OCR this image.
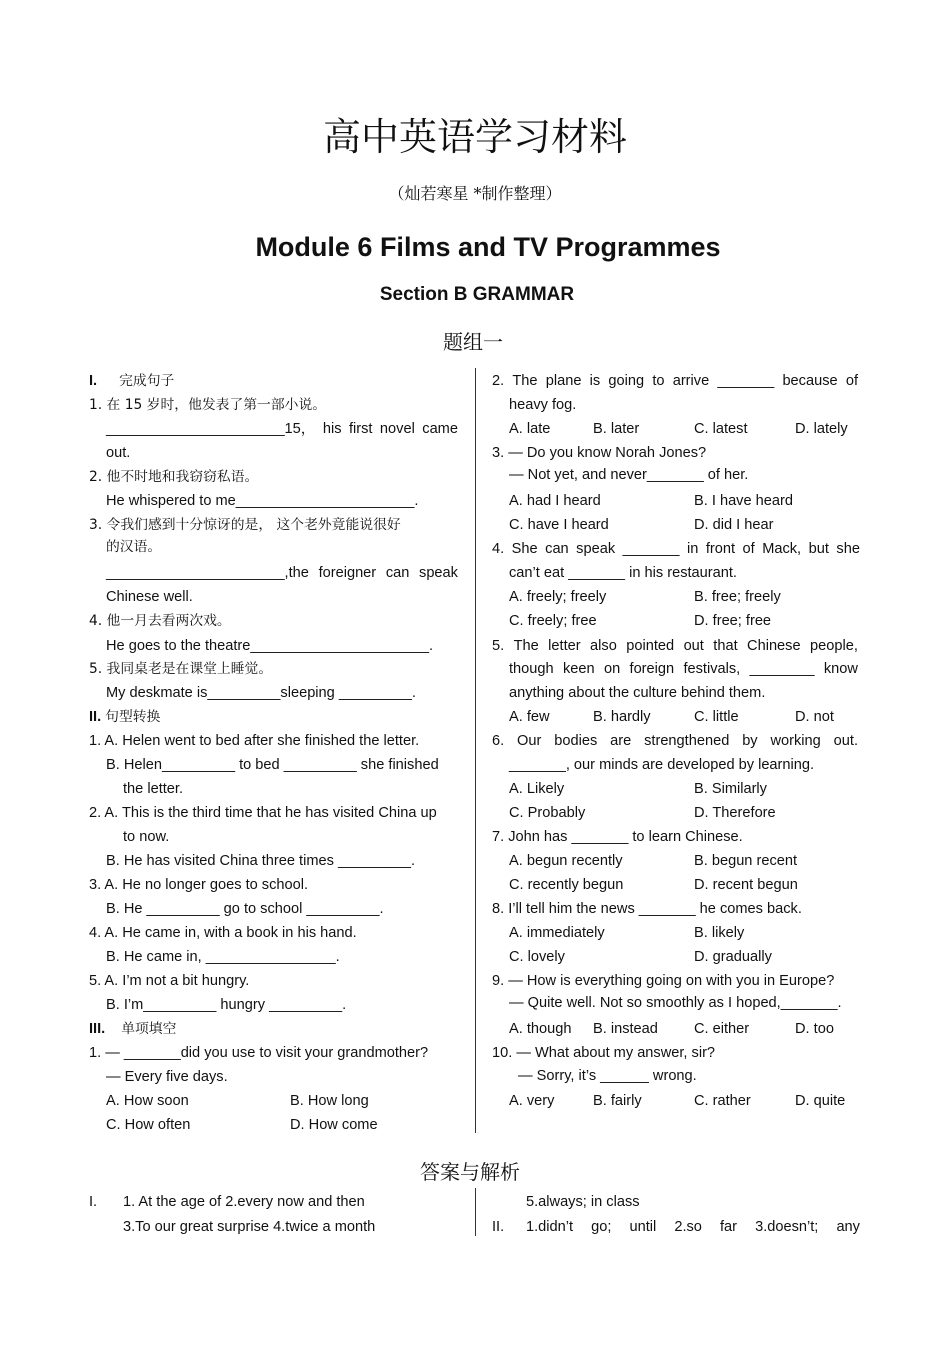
高中英语学习材料
（灿若寒星 *制作整理）
Module 6 Films and TV Programmes
Section B GRAMMAR
题组一
I. 完成句子
1. 在 15 岁时，他发表了第一部小说。
______________________15， his first novel came
out.
2. 他不时地和我窃窃私语。
He whispered to me______________________.
3. 令我们感到十分惊讶的是， 这个老外竟能说很好
的汉语。
______________________,the foreigner can speak
Chinese well.
4. 他一月去看两次戏。
He goes to the theatre______________________.
5. 我同桌老是在课堂上睡觉。
My deskmate is_________sleeping _________.
II. 句型转换
1. A. Helen went to bed after she finished the letter.
B. Helen_________ to bed _________ she finished
the letter.
2. A. This is the third time that he has visited China up
to now.
B. He has visited China three times _________.
3. A. He no longer goes to school.
B. He _________ go to school _________.
4. A. He came in, with a book in his hand.
B. He came in, ________________.
5. A. I’m not a bit hungry.
B. I’m_________ hungry _________.
III. 单项填空
1. — _______did you use to visit your grandmother?
— Every five days.
A. How soon	B. How long
C. How often	D. How come
2. The plane is going to arrive _______ because of
heavy fog.
A. late	B. later	C. latest	D. lately
3. — Do you know Norah Jones?
— Not yet, and never_______ of her.
A. had I heard	B. I have heard
C. have I heard	D. did I hear
4. She can speak _______ in front of Mack, but she
can’t eat _______ in his restaurant.
A. freely; freely	B. free; freely
C. freely; free	D. free; free
5. The letter also pointed out that Chinese people,
though keen on foreign festivals, ________ know
anything about the culture behind them.
A. few	B. hardly	C. little	D. not
6. Our bodies are strengthened by working out.
_______, our minds are developed by learning.
A. Likely	B. Similarly
C. Probably	D. Therefore
7. John has _______ to learn Chinese.
A. begun recently	B. begun recent
C. recently begun	D. recent begun
8. I’ll tell him the news _______ he comes back.
A. immediately	B. likely
C. lovely	D. gradually
9. — How is everything going on with you in Europe?
— Quite well. Not so smoothly as I hoped,_______.
A. though B. instead C. either	D. too
10. — What about my answer, sir?
— Sorry, it’s ______ wrong.
A. very	B. fairly	C. rather	D. quite
答案与解析
I. 1. At the age of 2.every now and then
3.To our great surprise 4.twice a month
5.always; in class
II. 1.didn’t go; until 2.so far 3.doesn’t; any
